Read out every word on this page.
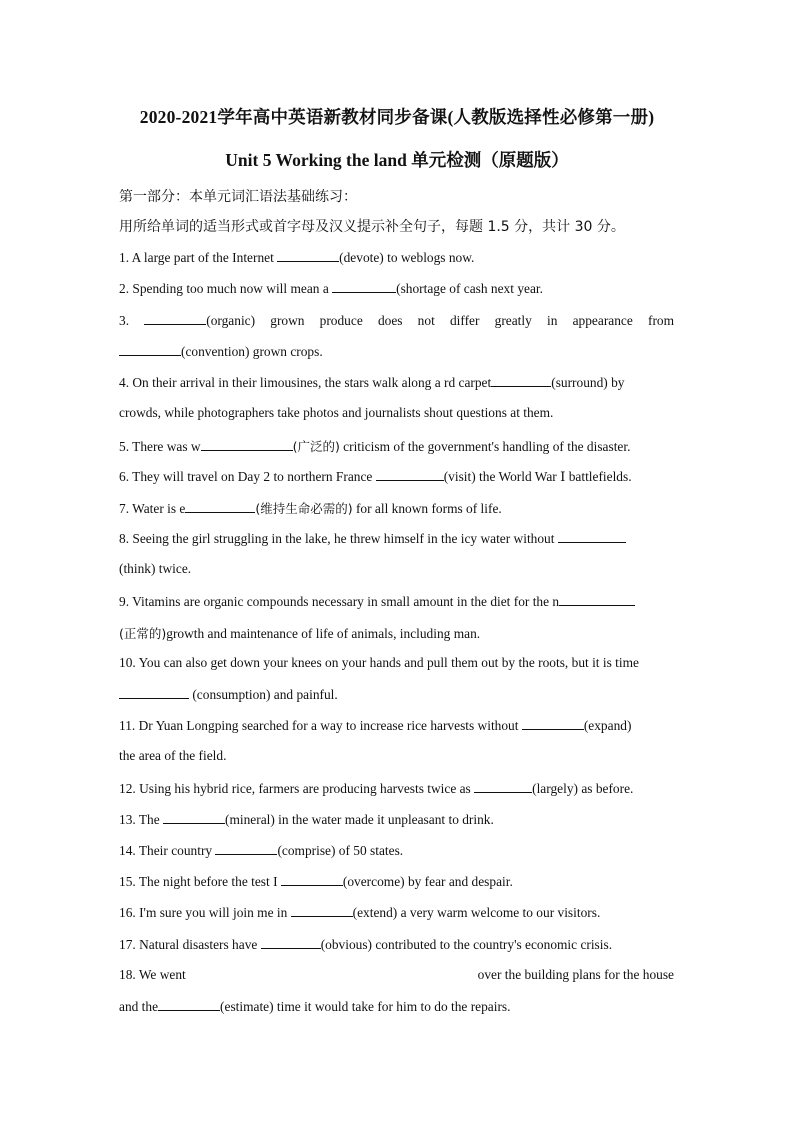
2020-2021学年高中英语新教材同步备课(人教版选择性必修第一册)
Unit 5 Working the land 单元检测（原题版）
第一部分：本单元词汇语法基础练习：
用所给单词的适当形式或首字母及汉义提示补全句子，每题 1.5 分，共计 30 分。
1. A large part of the Internet	(devote) to weblogs now.
2. Spending too much now will mean a	(shortage of cash next year.
3.	(organic) grown produce does not differ greatly in appearance from
(convention) grown crops.
4. On their arrival in their limousines, the stars walk along a rd carpet	(surround) by
crowds, while photographers take photos and journalists shout questions at them.
5. There was w	(广泛的) criticism of the government's handling of the disaster.
6. They will travel on Day 2 to northern France	(visit) the World War Ⅰ battlefields.
7. Water is e	(维持生命必需的) for all known forms of life.
8. Seeing the girl struggling in the lake, he threw himself in the icy water without
(think) twice.
9. Vitamins are organic compounds necessary in small amount in the diet for the n
(正常的)growth and maintenance of life of animals, including man.
10. You can also get down your knees on your hands and pull them out by the roots, but it is time
(consumption) and painful.
11. Dr Yuan Longping searched for a way to increase rice harvests without	(expand)
the area of the field.
12. Using his hybrid rice, farmers are producing harvests twice as	(largely) as before.
13. The	(mineral) in the water made it unpleasant to drink.
14. Their country	(comprise) of 50 states.
15. The night before the test I	(overcome) by fear and despair.
16. I'm sure you will join me in	(extend) a very warm welcome to our visitors.
17. Natural disasters have	(obvious) contributed to the country's economic crisis.
18. We went	over the building plans for the house
and the	(estimate) time it would take for him to do the repairs.
